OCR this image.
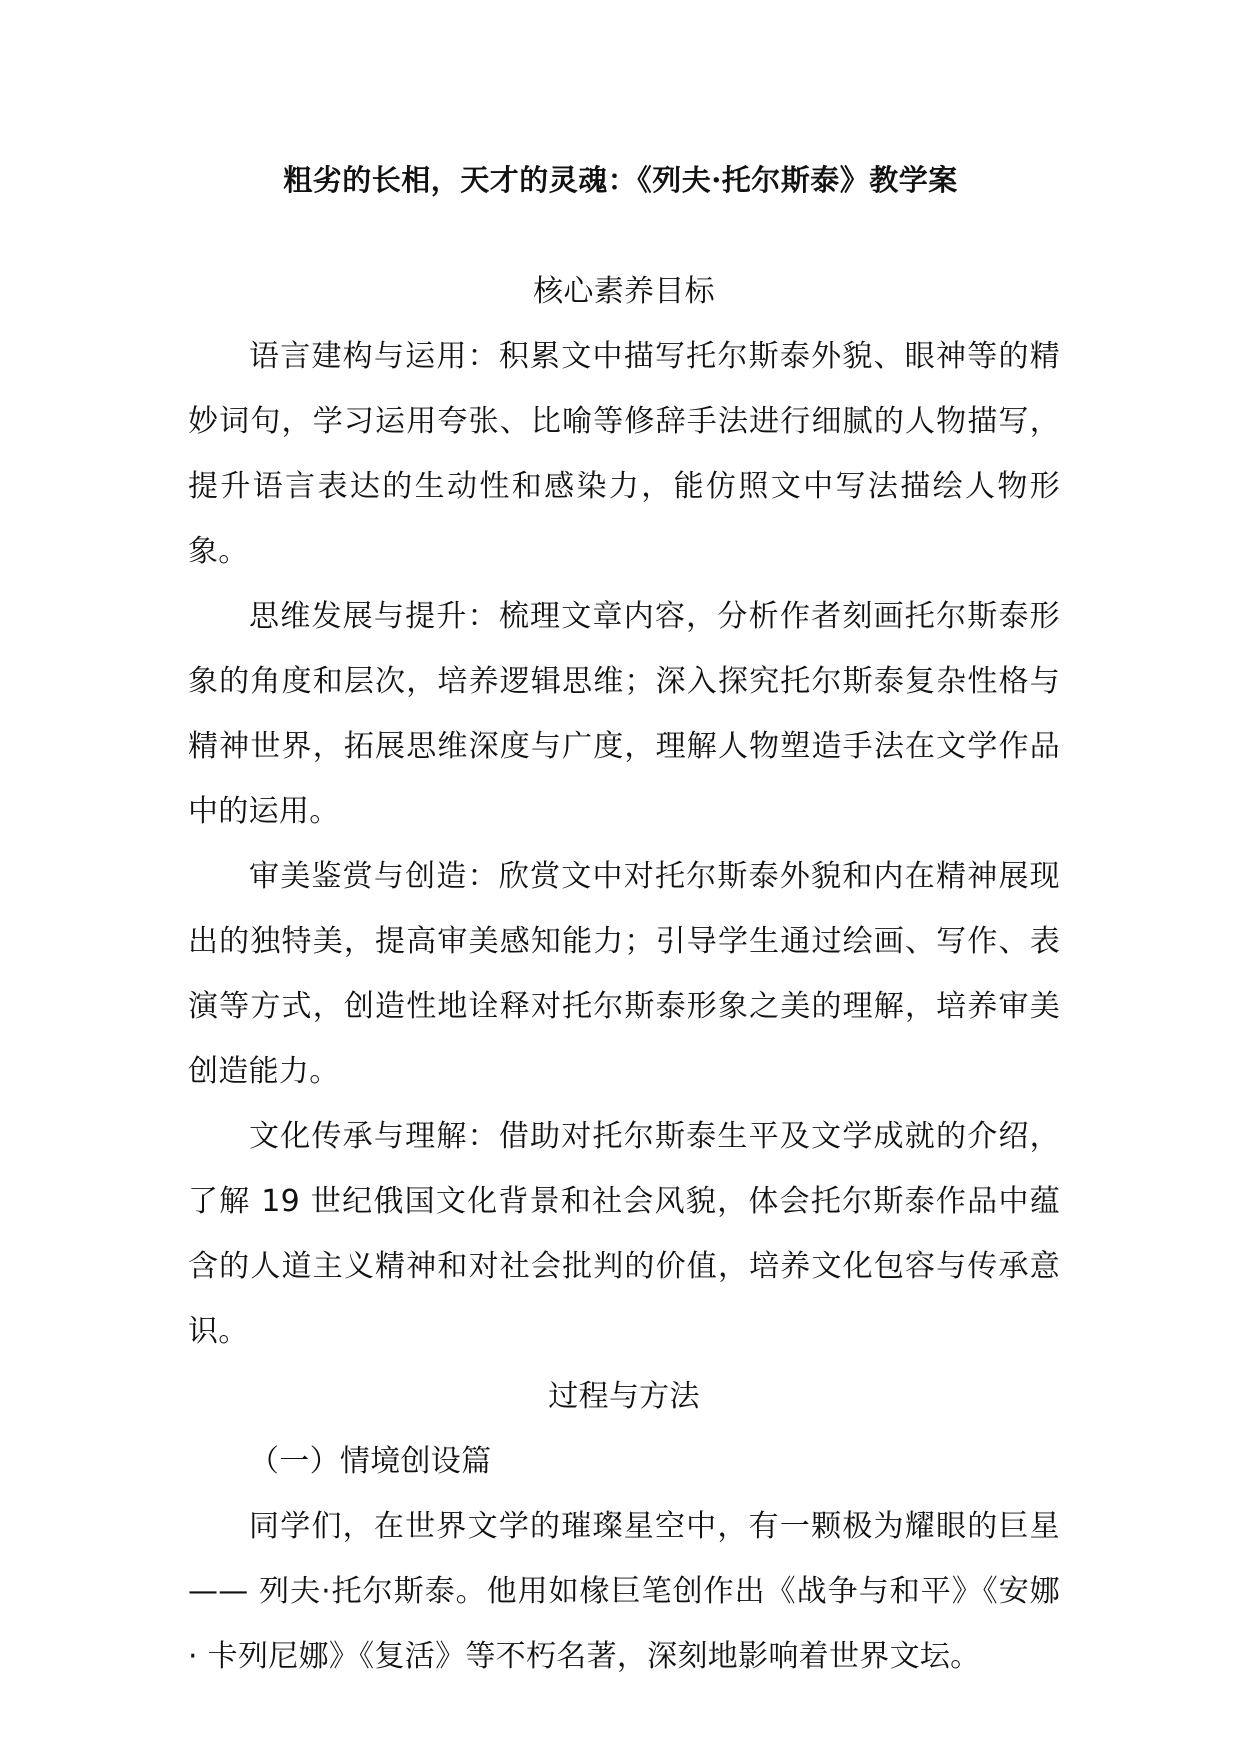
粗劣的长相，天才的灵魂：《列夫·托尔斯泰》教学案
核心素养目标

语言建构与运用：积累文中描写托尔斯泰外貌、眼神等的精妙词句，学习运用夸张、比喻等修辞手法进行细腻的人物描写，提升语言表达的生动性和感染力，能仿照文中写法描绘人物形象。

思维发展与提升：梳理文章内容，分析作者刻画托尔斯泰形象的角度和层次，培养逻辑思维；深入探究托尔斯泰复杂性格与精神世界，拓展思维深度与广度，理解人物塑造手法在文学作品中的运用。

审美鉴赏与创造：欣赏文中对托尔斯泰外貌和内在精神展现出的独特美，提高审美感知能力；引导学生通过绘画、写作、表演等方式，创造性地诠释对托尔斯泰形象之美的理解，培养审美创造能力。

文化传承与理解：借助对托尔斯泰生平及文学成就的介绍，了解 19 世纪俄国文化背景和社会风貌，体会托尔斯泰作品中蕴含的人道主义精神和对社会批判的价值，培养文化包容与传承意识。

过程与方法

（一）情境创设篇

同学们，在世界文学的璀璨星空中，有一颗极为耀眼的巨星—— 列夫·托尔斯泰。他用如椽巨笔创作出《战争与和平》《安娜 · 卡列尼娜》《复活》等不朽名著，深刻地影响着世界文坛。
